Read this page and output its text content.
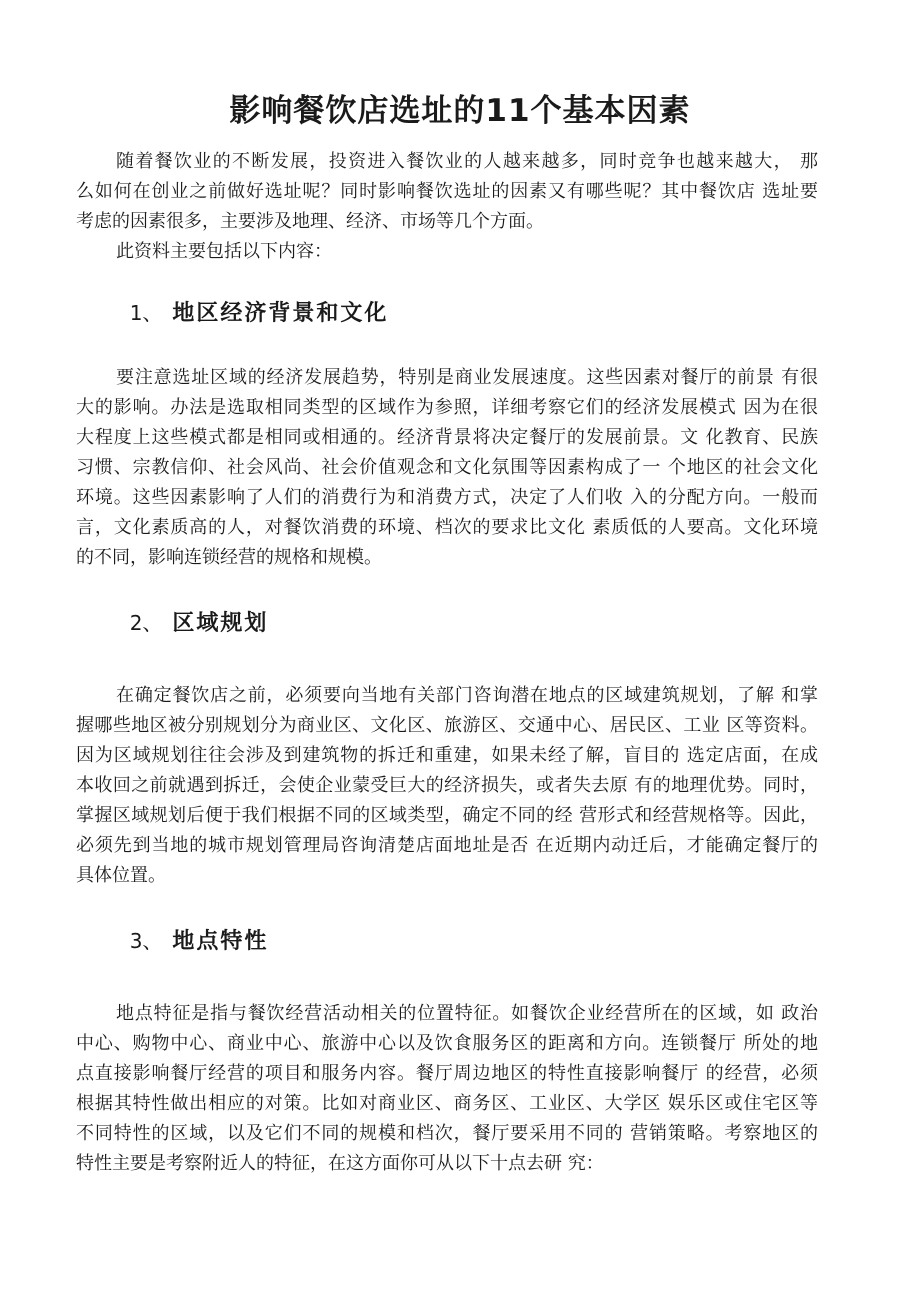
影响餐饮店选址的11个基本因素
随着餐饮业的不断发展，投资进入餐饮业的人越来越多，同时竞争也越来越大， 那
么如何在创业之前做好选址呢？同时影响餐饮选址的因素又有哪些呢？其中餐饮店 选址要
考虑的因素很多，主要涉及地理、经济、市场等几个方面。
此资料主要包括以下内容：

1、 地区经济背景和文化

要注意选址区域的经济发展趋势，特别是商业发展速度。这些因素对餐厅的前景 有很
大的影响。办法是选取相同类型的区域作为参照，详细考察它们的经济发展模式 因为在很
大程度上这些模式都是相同或相通的。经济背景将决定餐厅的发展前景。文 化教育、民族
习惯、宗教信仰、社会风尚、社会价值观念和文化氛围等因素构成了一 个地区的社会文化
环境。这些因素影响了人们的消费行为和消费方式，决定了人们收 入的分配方向。一般而
言，文化素质高的人，对餐饮消费的环境、档次的要求比文化 素质低的人要高。文化环境
的不同，影响连锁经营的规格和规模。

2、 区域规划

在确定餐饮店之前，必须要向当地有关部门咨询潜在地点的区域建筑规划，了解 和掌
握哪些地区被分别规划分为商业区、文化区、旅游区、交通中心、居民区、工业 区等资料。
因为区域规划往往会涉及到建筑物的拆迁和重建，如果未经了解，盲目的 选定店面，在成
本收回之前就遇到拆迁，会使企业蒙受巨大的经济损失，或者失去原 有的地理优势。同时，
掌握区域规划后便于我们根据不同的区域类型，确定不同的经 营形式和经营规格等。因此，
必须先到当地的城市规划管理局咨询清楚店面地址是否 在近期内动迁后，才能确定餐厅的
具体位置。

3、 地点特性

地点特征是指与餐饮经营活动相关的位置特征。如餐饮企业经营所在的区域，如 政治
中心、购物中心、商业中心、旅游中心以及饮食服务区的距离和方向。连锁餐厅 所处的地
点直接影响餐厅经营的项目和服务内容。餐厅周边地区的特性直接影响餐厅 的经营，必须
根据其特性做出相应的对策。比如对商业区、商务区、工业区、大学区 娱乐区或住宅区等
不同特性的区域，以及它们不同的规模和档次，餐厅要采用不同的 营销策略。考察地区的
特性主要是考察附近人的特征，在这方面你可从以下十点去研 究：
